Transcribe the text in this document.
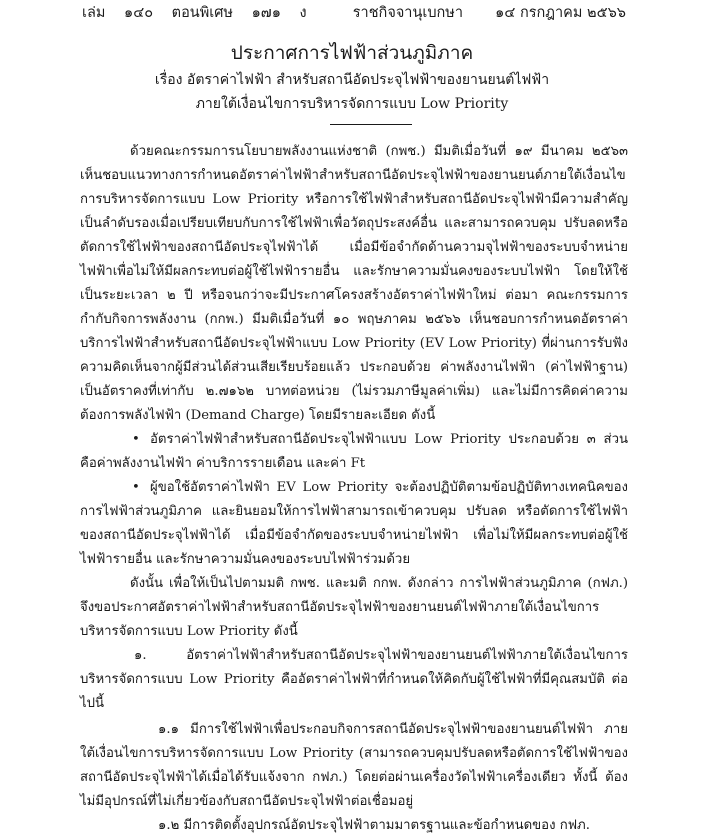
เล่ม ๑๔๐ ตอนพิเศษ ๑๗๑ ง	ราชกิจจานุเบกษา ๑๔ กรกฎาคม ๒๕๖๖
ประกาศการไฟฟ้าส่วนภูมิภาค
เรื่อง อัตราค่าไฟฟ้า สำหรับสถานีอัดประจุไฟฟ้าของยานยนต์ไฟฟ้า
ภายใต้เงื่อนไขการบริหารจัดการแบบ Low Priority

ด้วยคณะกรรมการนโยบายพลังงานแห่งชาติ (กพช.) มีมติเมื่อวันที่ ๑๙ มีนาคม ๒๕๖๓ เห็นชอบแนวทางการกำหนดอัตราค่าไฟฟ้าสำหรับสถานีอัดประจุไฟฟ้าของยานยนต์ภายใต้เงื่อนไขการบริหารจัดการแบบ Low Priority หรือการใช้ไฟฟ้าสำหรับสถานีอัดประจุไฟฟ้ามีความสำคัญเป็นลำดับรองเมื่อเปรียบเทียบกับการใช้ไฟฟ้าเพื่อวัตถุประสงค์อื่น และสามารถควบคุม ปรับลดหรือตัดการใช้ไฟฟ้าของสถานีอัดประจุไฟฟ้าได้ เมื่อมีข้อจำกัดด้านความจุไฟฟ้าของระบบจำหน่ายไฟฟ้าเพื่อไม่ให้มีผลกระทบต่อผู้ใช้ไฟฟ้ารายอื่น และรักษาความมั่นคงของระบบไฟฟ้า โดยให้ใช้เป็นระยะเวลา ๒ ปี หรือจนกว่าจะมีประกาศโครงสร้างอัตราค่าไฟฟ้าใหม่ ต่อมา คณะกรรมการกำกับกิจการพลังงาน (กกพ.) มีมติเมื่อวันที่ ๑๐ พฤษภาคม ๒๕๖๖ เห็นชอบการกำหนดอัตราค่าบริการไฟฟ้าสำหรับสถานีอัดประจุไฟฟ้าแบบ Low Priority (EV Low Priority) ที่ผ่านการรับฟังความคิดเห็นจากผู้มีส่วนได้ส่วนเสียเรียบร้อยแล้ว ประกอบด้วย ค่าพลังงานไฟฟ้า (ค่าไฟฟ้าฐาน) เป็นอัตราคงที่เท่ากับ ๒.๗๑๖๒ บาทต่อหน่วย (ไม่รวมภาษีมูลค่าเพิ่ม) และไม่มีการคิดค่าความต้องการพลังไฟฟ้า (Demand Charge) โดยมีรายละเอียด ดังนี้

• อัตราค่าไฟฟ้าสำหรับสถานีอัดประจุไฟฟ้าแบบ Low Priority ประกอบด้วย ๓ ส่วน คือค่าพลังงานไฟฟ้า ค่าบริการรายเดือน และค่า Ft

• ผู้ขอใช้อัตราค่าไฟฟ้า EV Low Priority จะต้องปฏิบัติตามข้อปฏิบัติทางเทคนิคของการไฟฟ้าส่วนภูมิภาค และยินยอมให้การไฟฟ้าสามารถเข้าควบคุม ปรับลด หรือตัดการใช้ไฟฟ้าของสถานีอัดประจุไฟฟ้าได้ เมื่อมีข้อจำกัดของระบบจำหน่ายไฟฟ้า เพื่อไม่ให้มีผลกระทบต่อผู้ใช้ไฟฟ้ารายอื่น และรักษาความมั่นคงของระบบไฟฟ้าร่วมด้วย

ดังนั้น เพื่อให้เป็นไปตามมติ กพช. และมติ กกพ. ดังกล่าว การไฟฟ้าส่วนภูมิภาค (กฟภ.) จึงขอประกาศอัตราค่าไฟฟ้าสำหรับสถานีอัดประจุไฟฟ้าของยานยนต์ไฟฟ้าภายใต้เงื่อนไขการบริหารจัดการแบบ Low Priority ดังนี้

๑. อัตราค่าไฟฟ้าสำหรับสถานีอัดประจุไฟฟ้าของยานยนต์ไฟฟ้าภายใต้เงื่อนไขการบริหารจัดการแบบ Low Priority คืออัตราค่าไฟฟ้าที่กำหนดให้คิดกับผู้ใช้ไฟฟ้าที่มีคุณสมบัติ ต่อไปนี้

๑.๑ มีการใช้ไฟฟ้าเพื่อประกอบกิจการสถานีอัดประจุไฟฟ้าของยานยนต์ไฟฟ้า ภายใต้เงื่อนไขการบริหารจัดการแบบ Low Priority (สามารถควบคุมปรับลดหรือตัดการใช้ไฟฟ้าของสถานีอัดประจุไฟฟ้าได้เมื่อได้รับแจ้งจาก กฟภ.) โดยต่อผ่านเครื่องวัดไฟฟ้าเครื่องเดียว ทั้งนี้ ต้องไม่มีอุปกรณ์ที่ไม่เกี่ยวข้องกับสถานีอัดประจุไฟฟ้าต่อเชื่อมอยู่

๑.๒ มีการติดตั้งอุปกรณ์อัดประจุไฟฟ้าตามมาตรฐานและข้อกำหนดของ กฟภ.
